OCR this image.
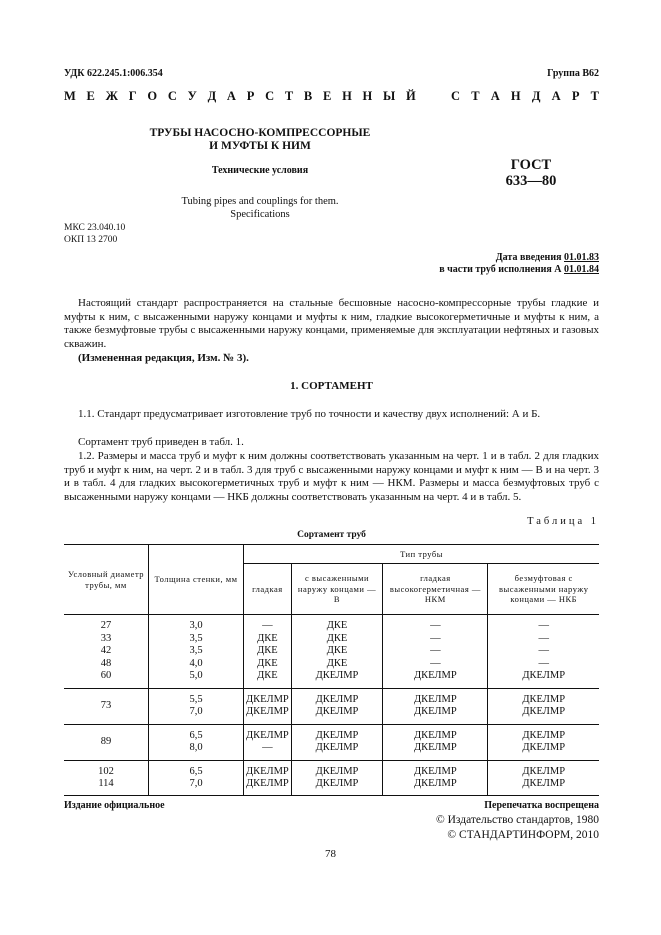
УДК 622.245.1:006.354	Группа В62
М Е Ж Г О С У Д А Р С Т В Е Н Н Ы Й	С Т А Н Д А Р Т
ТРУБЫ НАСОСНО-КОМПРЕССОРНЫЕ
И МУФТЫ К НИМ
Технические условия
Tubing pipes and couplings for them.
Specifications
ГОСТ
633—80
МКС 23.040.10
ОКП 13 2700
Дата введения 01.01.83
в части труб исполнения А 01.01.84
Настоящий стандарт распространяется на стальные бесшовные насосно-компрессорные трубы гладкие и муфты к ним, с высаженными наружу концами и муфты к ним, гладкие высокогерметичные и муфты к ним, а также безмуфтовые трубы с высаженными наружу концами, применяемые для эксплуатации нефтяных и газовых скважин.
(Измененная редакция, Изм. № 3).
1. СОРТАМЕНТ
1.1. Стандарт предусматривает изготовление труб по точности и качеству двух исполнений: А и Б.
Сортамент труб приведен в табл. 1.
1.2. Размеры и масса труб и муфт к ним должны соответствовать указанным на черт. 1 и в табл. 2 для гладких труб и муфт к ним, на черт. 2 и в табл. 3 для труб с высаженными наружу концами и муфт к ним — В и на черт. 3 и в табл. 4 для гладких высокогерметичных труб и муфт к ним — НКМ. Размеры и масса безмуфтовых труб с высаженными наружу концами — НКБ должны соответствовать указанным на черт. 4 и в табл. 5.
Таблица 1
Сортамент труб
Условный диаметр трубы, мм	Толщина стенки, мм	Тип трубы			
		гладкая	с высаженными наружу концами — В	гладкая высокогерметичная — НКМ	безмуфтовая с высаженными наружу концами — НКБ
27	3,0	—	ДКЕ	—	—
33	3,5	ДКЕ	ДКЕ	—	—
42	3,5	ДКЕ	ДКЕ	—	—
48	4,0	ДКЕ	ДКЕ	—	—
60	5,0	ДКЕ	ДКЕЛМР	ДКЕЛМР	ДКЕЛМР
73	5,5	ДКЕЛМР	ДКЕЛМР	ДКЕЛМР	ДКЕЛМР
	7,0	ДКЕЛМР	ДКЕЛМР	ДКЕЛМР	ДКЕЛМР
89	6,5	ДКЕЛМР	ДКЕЛМР	ДКЕЛМР	ДКЕЛМР
	8,0	—	ДКЕЛМР	ДКЕЛМР	ДКЕЛМР
102	6,5	ДКЕЛМР	ДКЕЛМР	ДКЕЛМР	ДКЕЛМР
114	7,0	ДКЕЛМР	ДКЕЛМР	ДКЕЛМР	ДКЕЛМР
Издание официальное	Перепечатка воспрещена
© Издательство стандартов, 1980
© СТАНДАРТИНФОРМ, 2010
78
